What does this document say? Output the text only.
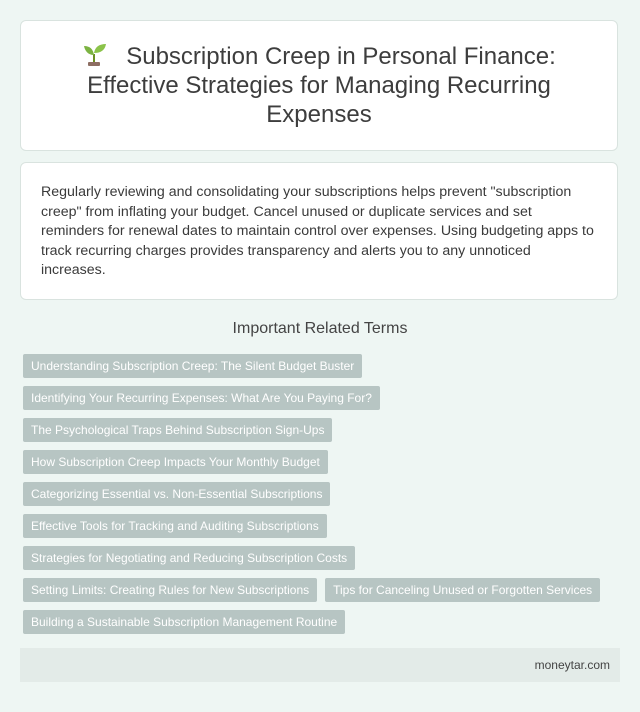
Subscription Creep in Personal Finance: Effective Strategies for Managing Recurring Expenses

Regularly reviewing and consolidating your subscriptions helps prevent "subscription creep" from inflating your budget. Cancel unused or duplicate services and set reminders for renewal dates to maintain control over expenses. Using budgeting apps to track recurring charges provides transparency and alerts you to any unnoticed increases.

Important Related Terms
Understanding Subscription Creep: The Silent Budget Buster
Identifying Your Recurring Expenses: What Are You Paying For?
The Psychological Traps Behind Subscription Sign-Ups
How Subscription Creep Impacts Your Monthly Budget
Categorizing Essential vs. Non-Essential Subscriptions
Effective Tools for Tracking and Auditing Subscriptions
Strategies for Negotiating and Reducing Subscription Costs
Setting Limits: Creating Rules for New Subscriptions	Tips for Canceling Unused or Forgotten Services
Building a Sustainable Subscription Management Routine
moneytar.com
